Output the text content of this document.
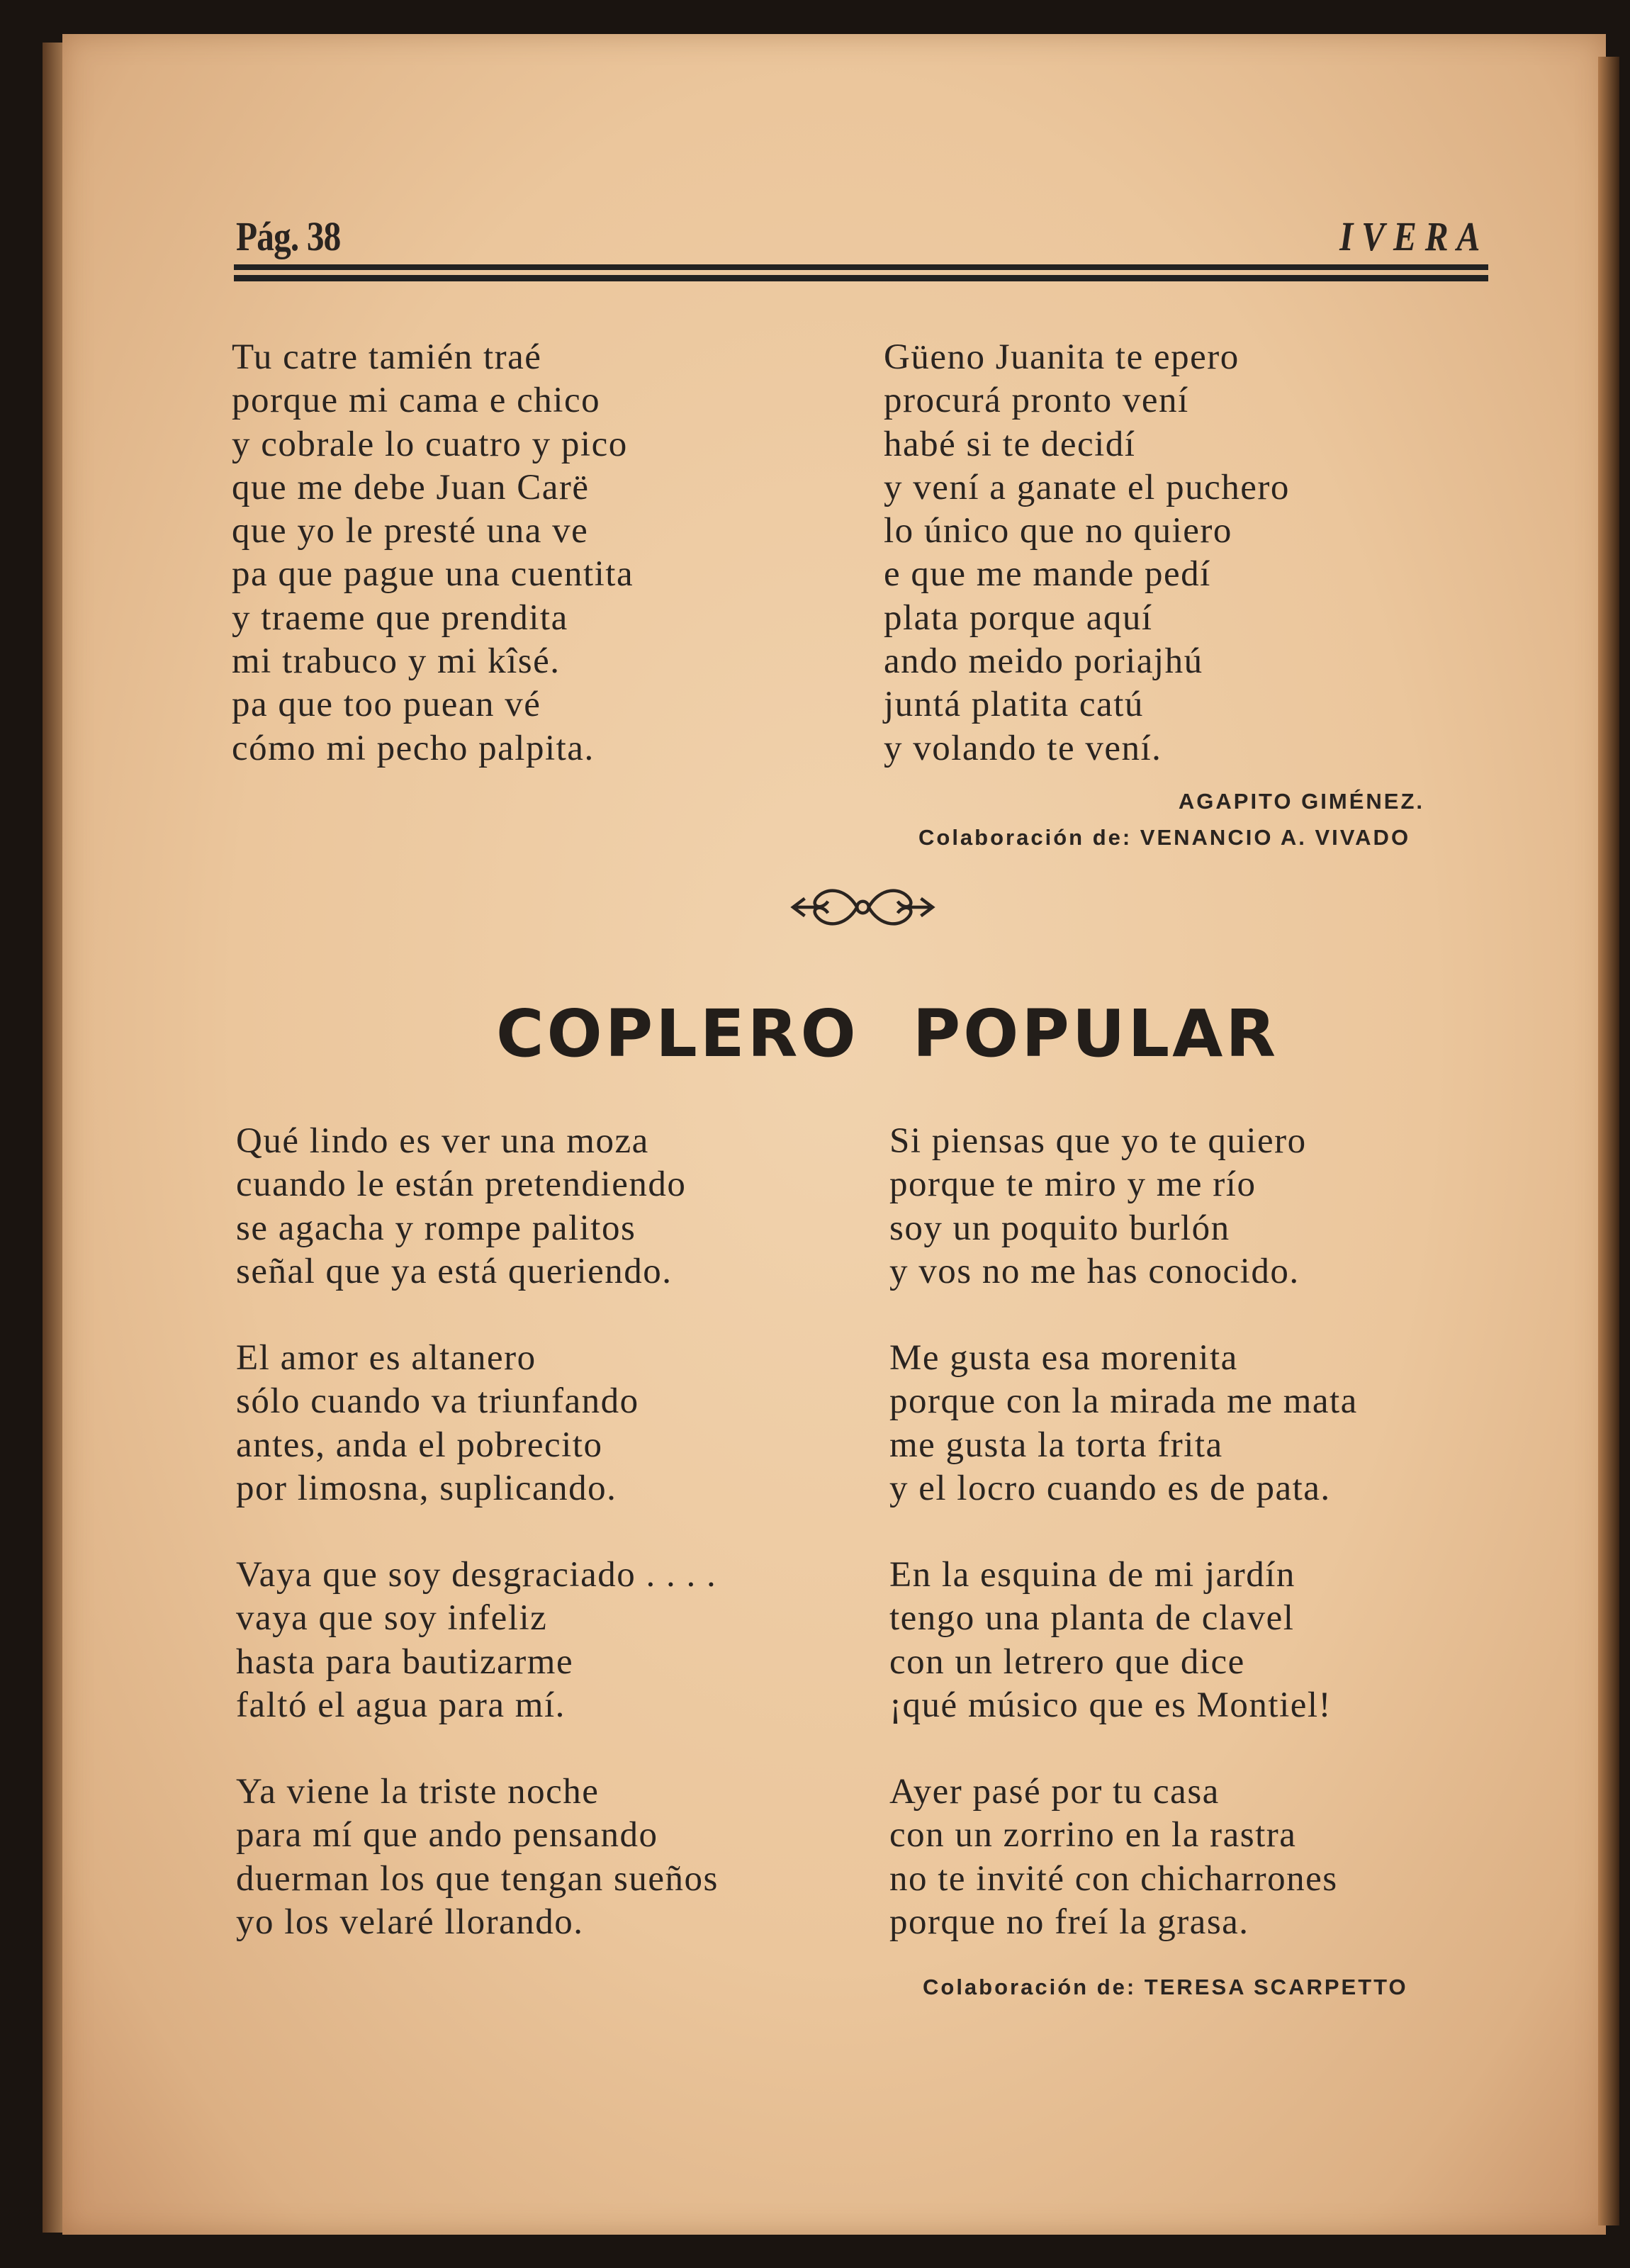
Pág. 38	IVERA
Tu catre tamién traé
porque mi cama e chico
y cobrale lo cuatro y pico
que me debe Juan Carë
que yo le presté una ve
pa que pague una cuentita
y traeme que prendita
mi trabuco y mi kîsé.
pa que too puean vé
cómo mi pecho palpita.
Güeno Juanita te epero
procurá pronto vení
habé si te decidí
y vení a ganate el puchero
lo único que no quiero
e que me mande pedí
plata porque aquí
ando meido poriajhú
juntá platita catú
y volando te vení.
AGAPITO GIMÉNEZ.
Colaboración de: VENANCIO A. VIVADO
COPLERO POPULAR
Qué lindo es ver una moza
cuando le están pretendiendo
se agacha y rompe palitos
señal que ya está queriendo.
El amor es altanero
sólo cuando va triunfando
antes, anda el pobrecito
por limosna, suplicando.
Vaya que soy desgraciado . . . .
vaya que soy infeliz
hasta para bautizarme
faltó el agua para mí.
Ya viene la triste noche
para mí que ando pensando
duerman los que tengan sueños
yo los velaré llorando.
Si piensas que yo te quiero
porque te miro y me río
soy un poquito burlón
y vos no me has conocido.
Me gusta esa morenita
porque con la mirada me mata
me gusta la torta frita
y el locro cuando es de pata.
En la esquina de mi jardín
tengo una planta de clavel
con un letrero que dice
¡qué músico que es Montiel!
Ayer pasé por tu casa
con un zorrino en la rastra
no te invité con chicharrones
porque no freí la grasa.
Colaboración de: TERESA SCARPETTO
